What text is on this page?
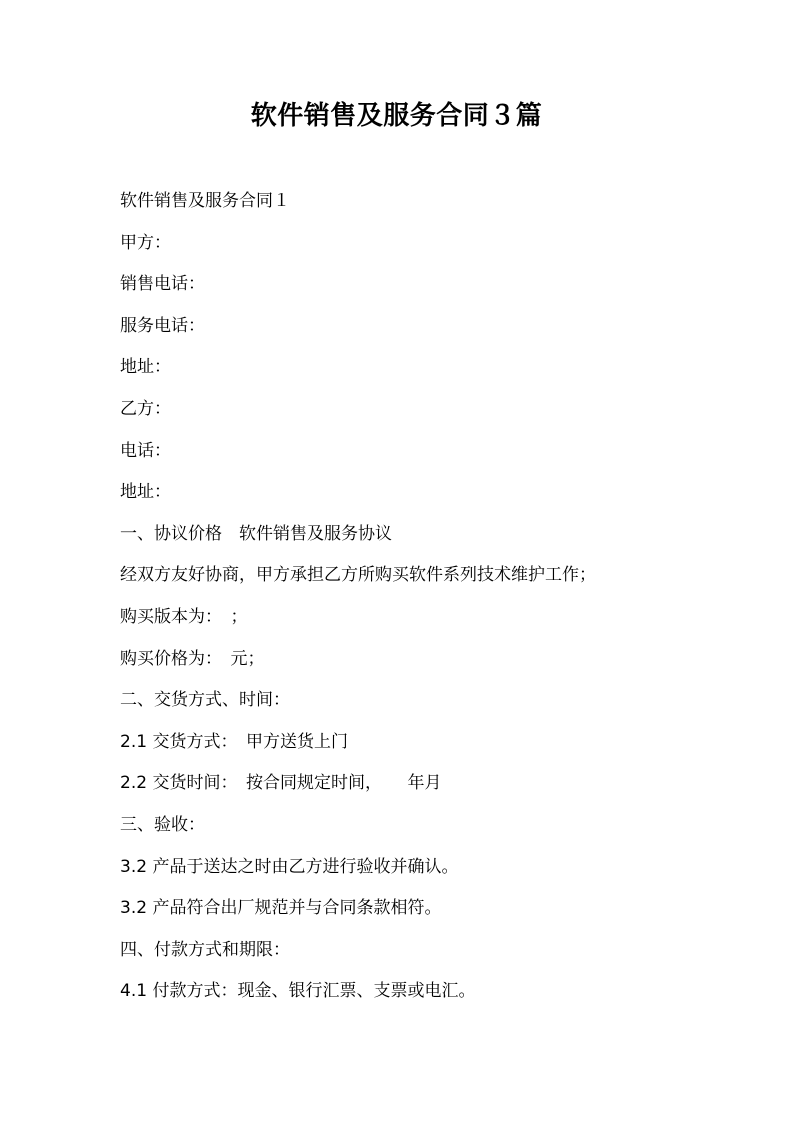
软件销售及服务合同３篇
软件销售及服务合同１
甲方：
销售电话：
服务电话：
地址：
乙方：
电话：
地址：
一、协议价格　软件销售及服务协议
经双方友好协商，甲方承担乙方所购买软件系列技术维护工作；
购买版本为：　；
购买价格为：　元；
二、交货方式、时间：
2.1 交货方式：　甲方送货上门
2.2 交货时间：　按合同规定时间，　　年月
三、验收：
3.2 产品于送达之时由乙方进行验收并确认。
3.2 产品符合出厂规范并与合同条款相符。
四、付款方式和期限：
4.1 付款方式：现金、银行汇票、支票或电汇。
